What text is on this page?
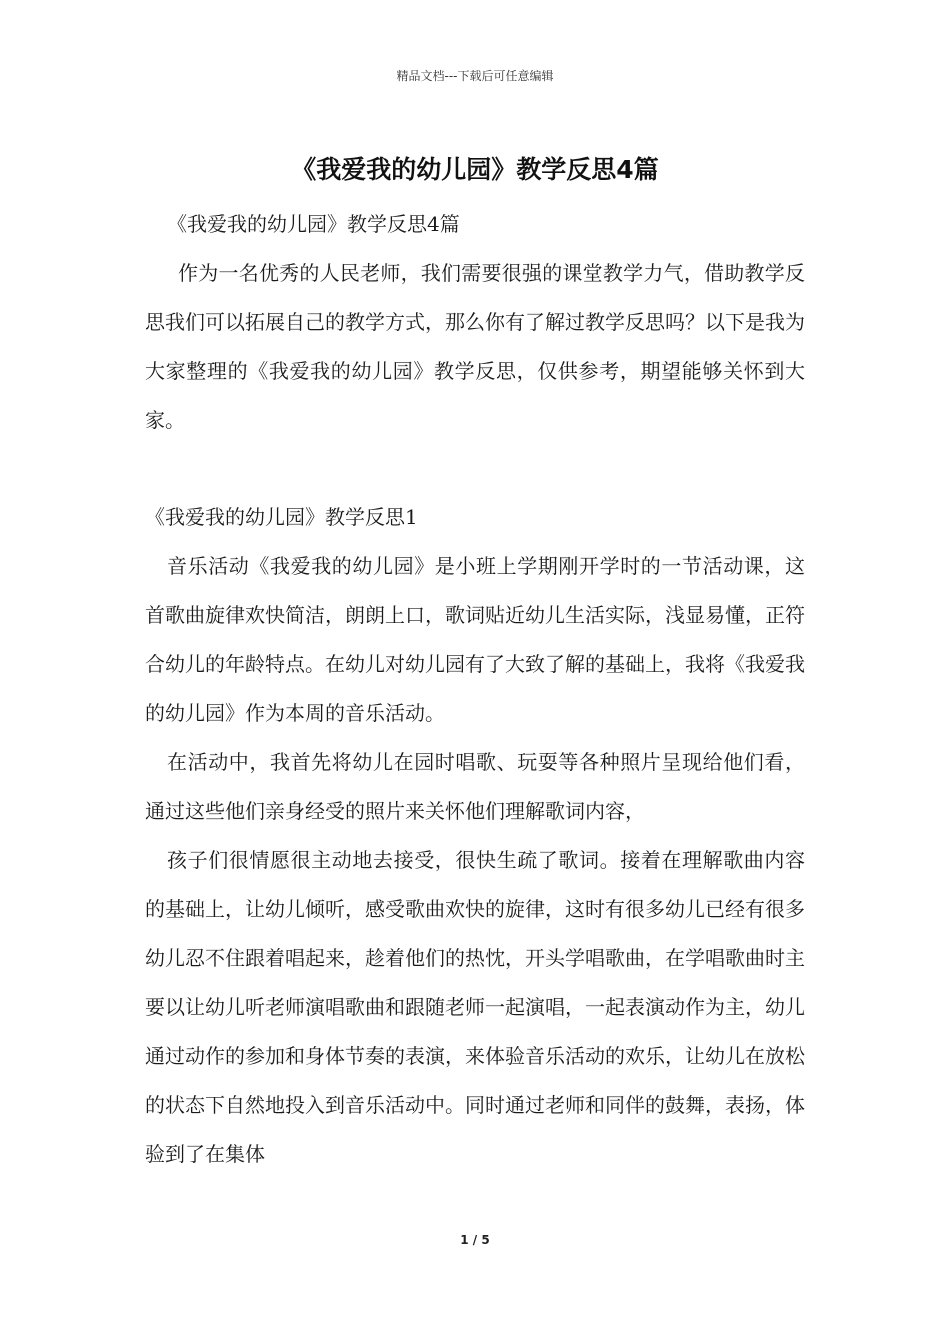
精品文档---下载后可任意编辑
《我爱我的幼儿园》教学反思4篇

《我爱我的幼儿园》教学反思4篇

作为一名优秀的人民老师，我们需要很强的课堂教学力气，借助教学反思我们可以拓展自己的教学方式，那么你有了解过教学反思吗？以下是我为大家整理的《我爱我的幼儿园》教学反思，仅供参考，期望能够关怀到大家。

《我爱我的幼儿园》教学反思1

音乐活动《我爱我的幼儿园》是小班上学期刚开学时的一节活动课，这首歌曲旋律欢快简洁，朗朗上口，歌词贴近幼儿生活实际，浅显易懂，正符合幼儿的年龄特点。在幼儿对幼儿园有了大致了解的基础上，我将《我爱我的幼儿园》作为本周的音乐活动。

在活动中，我首先将幼儿在园时唱歌、玩耍等各种照片呈现给他们看，通过这些他们亲身经受的照片来关怀他们理解歌词内容，

孩子们很情愿很主动地去接受，很快生疏了歌词。接着在理解歌曲内容的基础上，让幼儿倾听，感受歌曲欢快的旋律，这时有很多幼儿已经有很多幼儿忍不住跟着唱起来，趁着他们的热忱，开头学唱歌曲，在学唱歌曲时主要以让幼儿听老师演唱歌曲和跟随老师一起演唱，一起表演动作为主，幼儿通过动作的参加和身体节奏的表演，来体验音乐活动的欢乐，让幼儿在放松的状态下自然地投入到音乐活动中。同时通过老师和同伴的鼓舞，表扬，体验到了在集体

1 / 5
